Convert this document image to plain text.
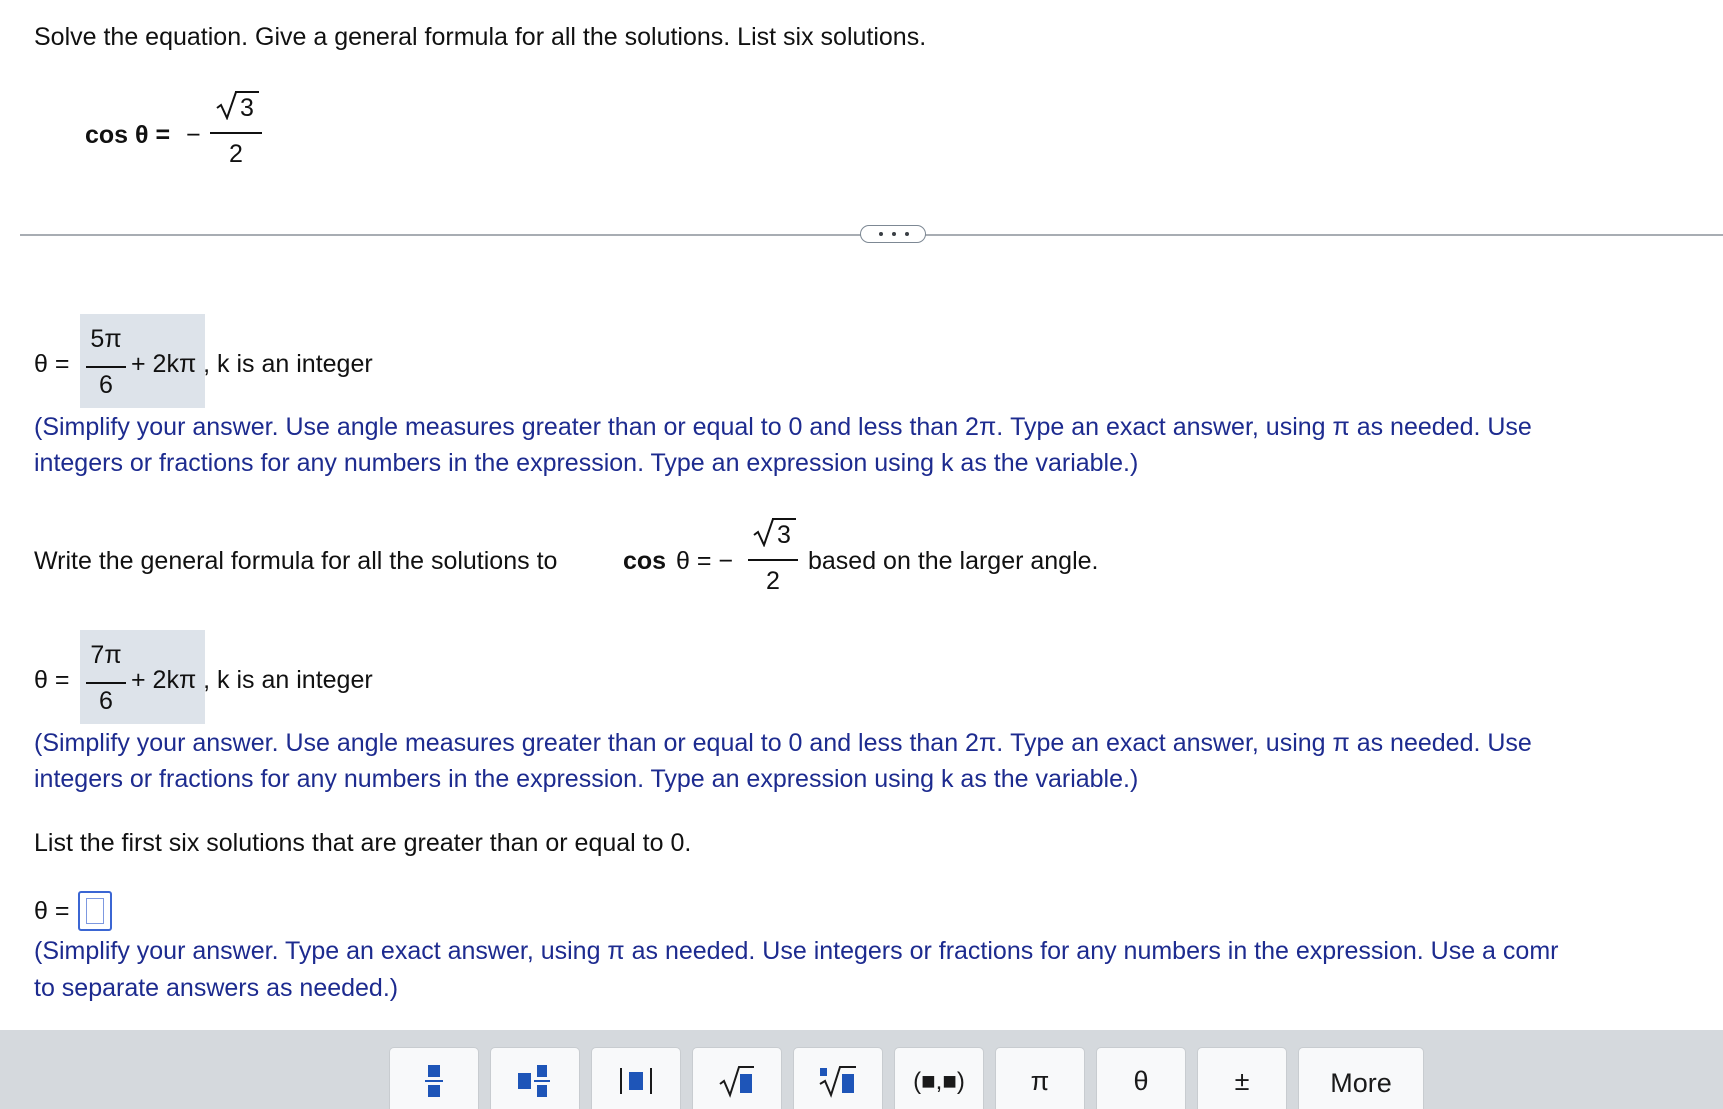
Solve the equation. Give a general formula for all the solutions. List six solutions.
cos θ = −
3
2
θ =
5π
6
+ 2kπ , k is an integer
(Simplify your answer. Use angle measures greater than or equal to 0 and less than 2π. Type an exact answer, using π as needed. Use
integers or fractions for any numbers in the expression. Type an expression using k as the variable.)
Write the general formula for all the solutions to	cos θ = −
3
2
based on the larger angle.
θ =
7π
6
+ 2kπ , k is an integer
(Simplify your answer. Use angle measures greater than or equal to 0 and less than 2π. Type an exact answer, using π as needed. Use
integers or fractions for any numbers in the expression. Type an expression using k as the variable.)
List the first six solutions that are greater than or equal to 0.
θ =
(Simplify your answer. Type an exact answer, using π as needed. Use integers or fractions for any numbers in the expression. Use a comr
to separate answers as needed.)
(■,■)	π	θ	±	More
